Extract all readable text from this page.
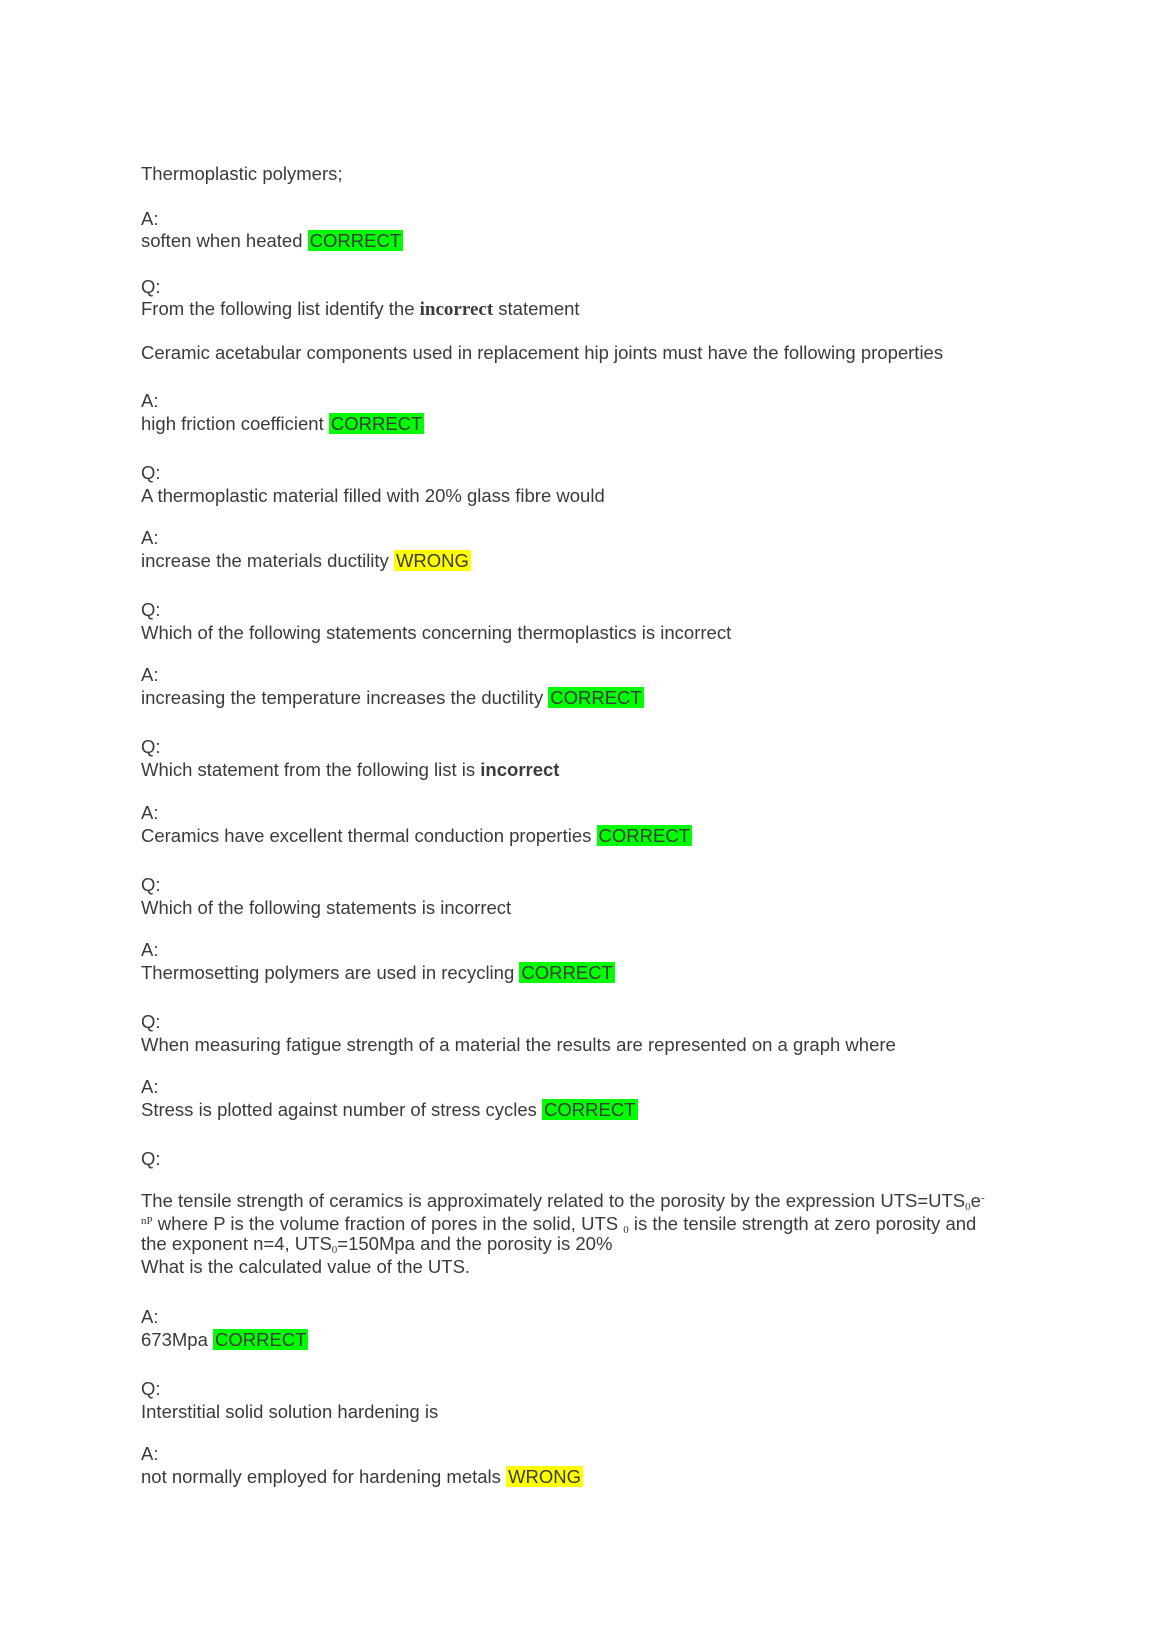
Thermoplastic polymers;
A:
soften when heated CORRECT
Q:
From the following list identify the incorrect statement
Ceramic acetabular components used in replacement hip joints must have the following properties
A:
high friction coefficient CORRECT
Q:
A thermoplastic material filled with 20% glass fibre would
A:
increase the materials ductility WRONG
Q:
Which of the following statements concerning thermoplastics is incorrect
A:
increasing the temperature increases the ductility CORRECT
Q:
Which statement from the following list is incorrect
A:
Ceramics have excellent thermal conduction properties CORRECT
Q:
Which of the following statements is incorrect
A:
Thermosetting polymers are used in recycling CORRECT
Q:
When measuring fatigue strength of a material the results are represented on a graph where
A:
Stress is plotted against number of stress cycles CORRECT
Q:
The tensile strength of ceramics is approximately related to the porosity by the expression $UTS=UTS_0e^-$
$^{nP}$ where P is the volume fraction of pores in the solid, UTS $_0$ is the tensile strength at zero porosity and
the exponent n=4, $UTS_0=150Mpa$ and the porosity is 20%
What is the calculated value of the UTS.
A:
673Mpa CORRECT
Q:
Interstitial solid solution hardening is
A:
not normally employed for hardening metals WRONG
